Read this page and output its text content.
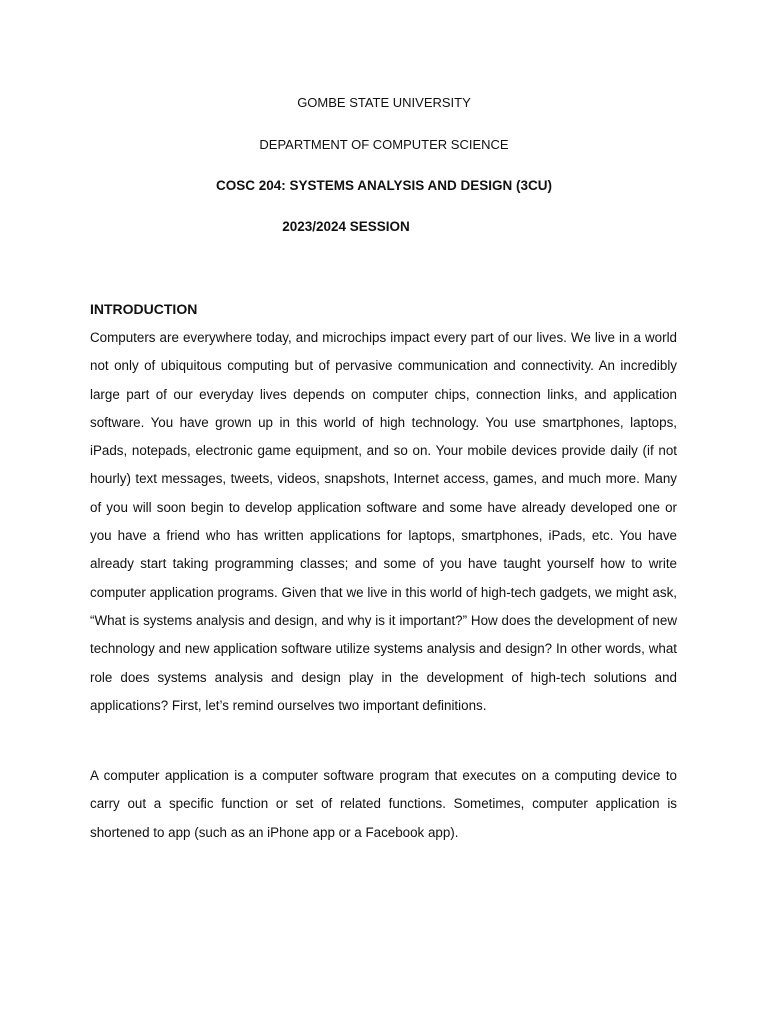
GOMBE STATE UNIVERSITY
DEPARTMENT OF COMPUTER SCIENCE
COSC 204: SYSTEMS ANALYSIS AND DESIGN (3CU)
2023/2024 SESSION
INTRODUCTION

Computers are everywhere today, and microchips impact every part of our lives. We live in a world not only of ubiquitous computing but of pervasive communication and connectivity. An incredibly large part of our everyday lives depends on computer chips, connection links, and application software. You have grown up in this world of high technology. You use smartphones, laptops, iPads, notepads, electronic game equipment, and so on. Your mobile devices provide daily (if not hourly) text messages, tweets, videos, snapshots, Internet access, games, and much more. Many of you will soon begin to develop application software and some have already developed one or you have a friend who has written applications for laptops, smartphones, iPads, etc. You have already start taking programming classes; and some of you have taught yourself how to write computer application programs. Given that we live in this world of high-tech gadgets, we might ask, “What is systems analysis and design, and why is it important?” How does the development of new technology and new application software utilize systems analysis and design? In other words, what role does systems analysis and design play in the development of high-tech solutions and applications? First, let’s remind ourselves two important definitions.

A computer application is a computer software program that executes on a computing device to carry out a specific function or set of related functions. Sometimes, computer application is shortened to app (such as an iPhone app or a Facebook app).
